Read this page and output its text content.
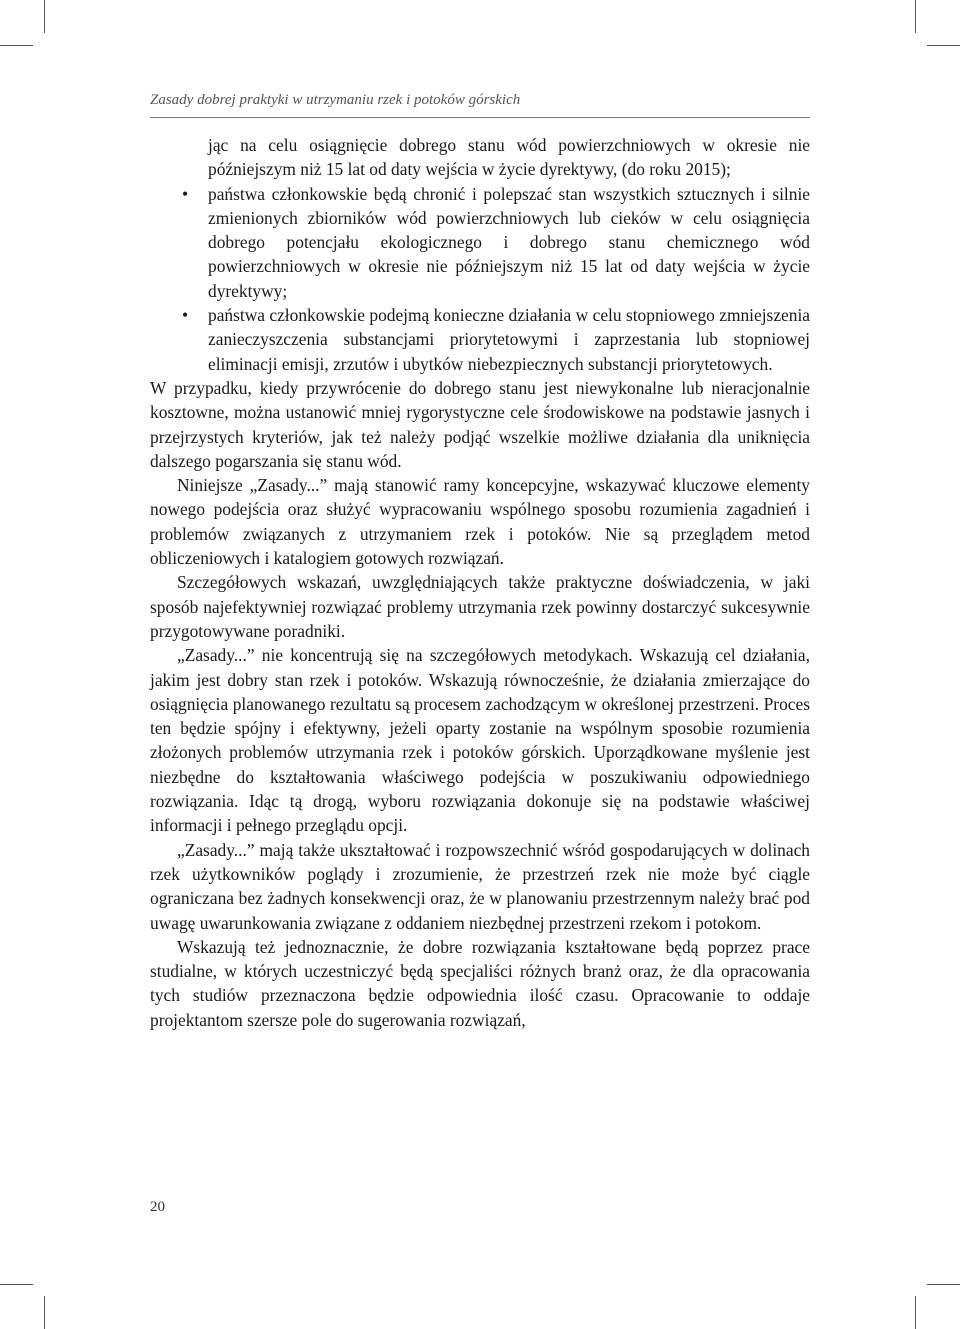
Zasady dobrej praktyki w utrzymaniu rzek i potoków górskich
jąc na celu osiągnięcie dobrego stanu wód powierzchniowych w okresie nie późniejszym niż 15 lat od daty wejścia w życie dyrektywy, (do roku 2015);
• państwa członkowskie będą chronić i polepszać stan wszystkich sztucznych i silnie zmienionych zbiorników wód powierzchniowych lub cieków w celu osiągnięcia dobrego potencjału ekologicznego i dobrego stanu chemicznego wód powierzchniowych w okresie nie późniejszym niż 15 lat od daty wejścia w życie dyrektywy;
• państwa członkowskie podejmą konieczne działania w celu stopniowego zmniejszenia zanieczyszczenia substancjami priorytetowymi i zaprzestania lub stopniowej eliminacji emisji, zrzutów i ubytków niebezpiecznych substancji priorytetowych.

W przypadku, kiedy przywrócenie do dobrego stanu jest niewykonalne lub nieracjonalnie kosztowne, można ustanowić mniej rygorystyczne cele środowiskowe na podstawie jasnych i przejrzystych kryteriów, jak też należy podjąć wszelkie możliwe działania dla uniknięcia dalszego pogarszania się stanu wód.

Niniejsze „Zasady...” mają stanowić ramy koncepcyjne, wskazywać kluczowe elementy nowego podejścia oraz służyć wypracowaniu wspólnego sposobu rozumienia zagadnień i problemów związanych z utrzymaniem rzek i potoków. Nie są przeglądem metod obliczeniowych i katalogiem gotowych rozwiązań.

Szczegółowych wskazań, uwzględniających także praktyczne doświadczenia, w jaki sposób najefektywniej rozwiązać problemy utrzymania rzek powinny dostarczyć sukcesywnie przygotowywane poradniki.

„Zasady...” nie koncentrują się na szczegółowych metodykach. Wskazują cel działania, jakim jest dobry stan rzek i potoków. Wskazują równocześnie, że działania zmierzające do osiągnięcia planowanego rezultatu są procesem zachodzącym w określonej przestrzeni. Proces ten będzie spójny i efektywny, jeżeli oparty zostanie na wspólnym sposobie rozumienia złożonych problemów utrzymania rzek i potoków górskich. Uporządkowane myślenie jest niezbędne do kształtowania właściwego podejścia w poszukiwaniu odpowiedniego rozwiązania. Idąc tą drogą, wyboru rozwiązania dokonuje się na podstawie właściwej informacji i pełnego przeglądu opcji.

„Zasady...” mają także ukształtować i rozpowszechnić wśród gospodarujących w dolinach rzek użytkowników poglądy i zrozumienie, że przestrzeń rzek nie może być ciągle ograniczana bez żadnych konsekwencji oraz, że w planowaniu przestrzennym należy brać pod uwagę uwarunkowania związane z oddaniem niezbędnej przestrzeni rzekom i potokom.

Wskazują też jednoznacznie, że dobre rozwiązania kształtowane będą poprzez prace studialne, w których uczestniczyć będą specjaliści różnych branż oraz, że dla opracowania tych studiów przeznaczona będzie odpowiednia ilość czasu. Opracowanie to oddaje projektantom szersze pole do sugerowania rozwiązań,

20
